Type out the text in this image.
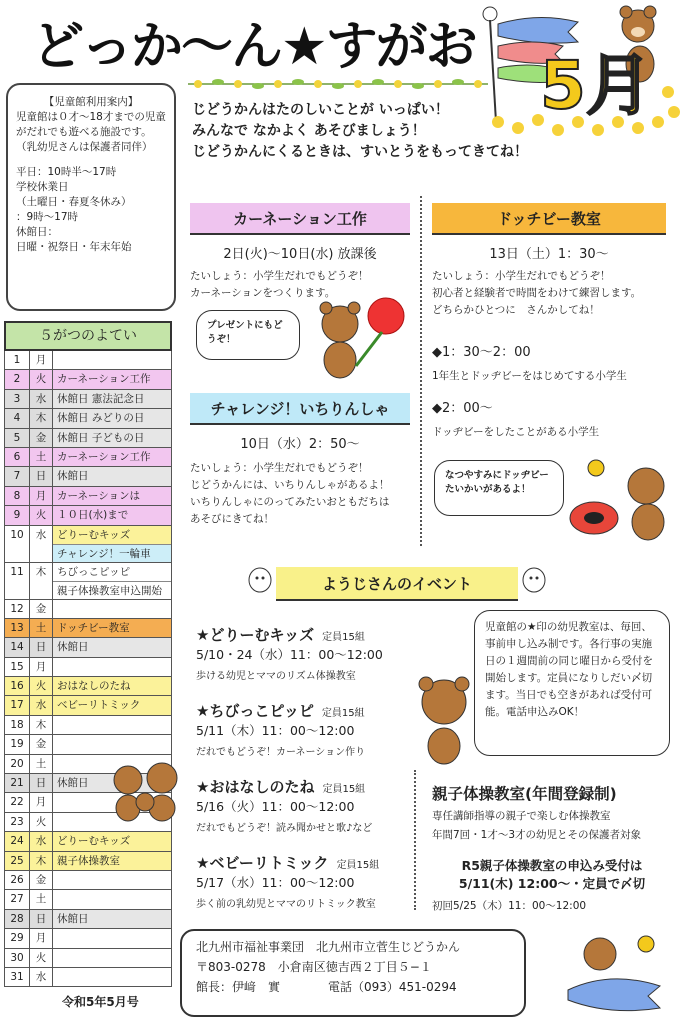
どっか～ん★すがお 5月
じどうかんはたのしいことが いっぱい！
みんなで なかよく あそびましょう！
じどうかんにくるときは、すいとうをもってきてね！

【児童館利用案内】

児童館は０才～18才までの児童がだれでも遊べる施設です。（乳幼児さんは保護者同伴）

平日：10時半～17時

学校休業日

（土曜日・春夏冬休み）

：9時～17時

休館日：

日曜・祝祭日・年末年始

５がつのよてい
1	月
2	火	カーネーション工作
3	水	休館日 憲法記念日
4	木	休館日 みどりの日
5	金	休館日 子どもの日
6	土	カーネーション工作
7	日	休館日
8	月	カーネーションは
9	火	１０日(水)まで
10	水	どりーむキッズ
チャレンジ！一輪車
11	木	ちびっこピッピ
親子体操教室申込開始
12	金
13	土	ドッチビー教室
14	日	休館日
15	月
16	火	おはなしのたね
17	水	ベビーリトミック
18	木
19	金
20	土
21	日	休館日
22	月
23	火
24	水	どりーむキッズ
25	木	親子体操教室
26	金
27	土
28	日	休館日
29	月
30	火
31	水
令和5年5月号
カーネーション工作
2日(火)～10日(水) 放課後
たいしょう：小学生だれでもどうぞ！
カーネーションをつくります。
プレゼントにもどうぞ！
チャレンジ！いちりんしゃ
10日（水）2：50～
たいしょう：小学生だれでもどうぞ！
じどうかんには、いちりんしゃがあるよ！
いちりんしゃにのってみたいおともだちは
あそびにきてね！
ドッチビー教室
13日（土）1：30～
たいしょう：小学生だれでもどうぞ！
初心者と経験者で時間をわけて練習します。
どちらかひとつに　さんかしてね！
◆1：30～2：00
1年生とドッヂビーをはじめてする小学生
◆2：00～
ドッヂビーをしたことがある小学生
なつやすみにドッヂビーたいかいがあるよ！
ようじさんのイベント
★どりーむキッズ 定員15組
5/10・24（水）11：00～12:00
歩ける幼児とママのリズム体操教室
★ちびっこピッピ 定員15組
5/11（木）11：00～12:00
だれでもどうぞ！カーネーション作り
★おはなしのたね 定員15組
5/16（火）11：00～12:00
だれでもどうぞ！読み聞かせと歌♪など
★ベビーリトミック 定員15組
5/17（水）11：00～12:00
歩く前の乳幼児とママのリトミック教室
児童館の★印の幼児教室は、毎回、事前申し込み制です。各行事の実施日の１週間前の同じ曜日から受付を開始します。定員になりしだい〆切ます。当日でも空きがあれば受付可能。電話申込みOK！
親子体操教室(年間登録制)
専任講師指導の親子で楽しむ体操教室
年間7回・1才～3才の幼児とその保護者対象
R5親子体操教室の申込み受付は
5/11(木) 12:00～・定員で〆切
初回5/25（木）11：00～12:00

北九州市福祉事業団　北九州市立菅生じどうかん

〒803-0278　小倉南区徳吉西２丁目５−１

館長：伊﨑　實　　　　電話（093）451-0294
